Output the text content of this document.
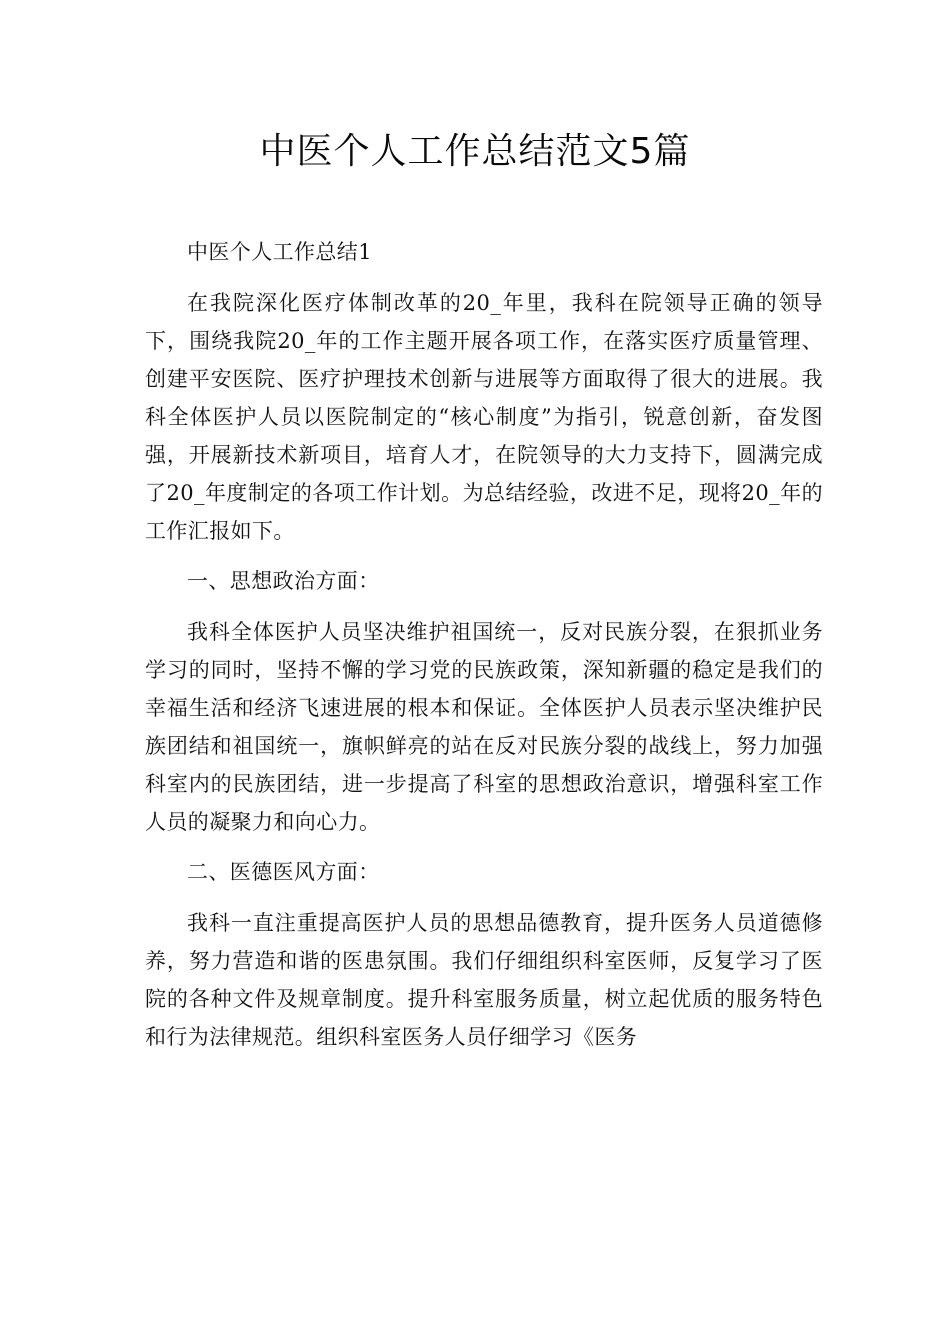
中医个人工作总结范文5篇

中医个人工作总结1

在我院深化医疗体制改革的20_年里，我科在院领导正确的领导下，围绕我院20_年的工作主题开展各项工作，在落实医疗质量管理、创建平安医院、医疗护理技术创新与进展等方面取得了很大的进展。我科全体医护人员以医院制定的“核心制度”为指引，锐意创新，奋发图强，开展新技术新项目，培育人才，在院领导的大力支持下，圆满完成了20_年度制定的各项工作计划。为总结经验，改进不足，现将20_年的工作汇报如下。

一、思想政治方面：

我科全体医护人员坚决维护祖国统一，反对民族分裂，在狠抓业务学习的同时，坚持不懈的学习党的民族政策，深知新疆的稳定是我们的幸福生活和经济飞速进展的根本和保证。全体医护人员表示坚决维护民族团结和祖国统一，旗帜鲜亮的站在反对民族分裂的战线上，努力加强科室内的民族团结，进一步提高了科室的思想政治意识，增强科室工作人员的凝聚力和向心力。

二、医德医风方面：

我科一直注重提高医护人员的思想品德教育，提升医务人员道德修养，努力营造和谐的医患氛围。我们仔细组织科室医师，反复学习了医院的各种文件及规章制度。提升科室服务质量，树立起优质的服务特色和行为法律规范。组织科室医务人员仔细学习《医务
